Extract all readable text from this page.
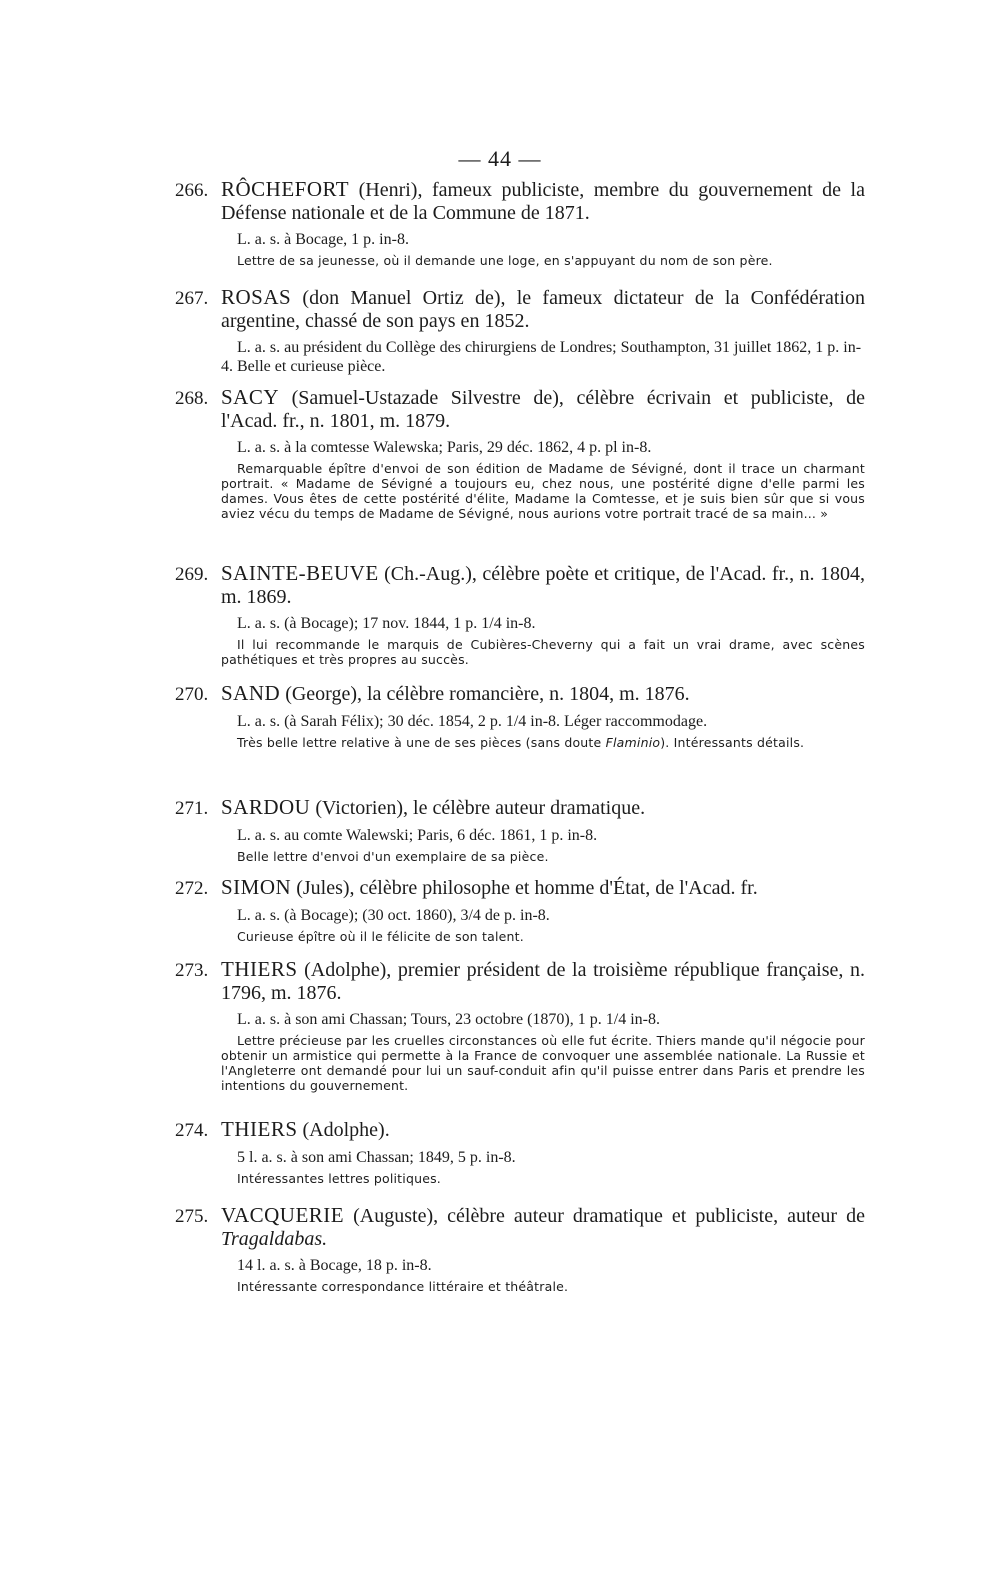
— 44 —
266. RÔCHEFORT (Henri), fameux publiciste, membre du gouvernement de la Défense nationale et de la Commune de 1871.
L. a. s. à Bocage, 1 p. in-8.
Lettre de sa jeunesse, où il demande une loge, en s'appuyant du nom de son père.
267. ROSAS (don Manuel Ortiz de), le fameux dictateur de la Confédération argentine, chassé de son pays en 1852.
L. a. s. au président du Collège des chirurgiens de Londres; Southampton, 31 juillet 1862, 1 p. in-4. Belle et curieuse pièce.
268. SACY (Samuel-Ustazade Silvestre de), célèbre écrivain et publiciste, de l'Acad. fr., n. 1801, m. 1879.
L. a. s. à la comtesse Walewska; Paris, 29 déc. 1862, 4 p. pl in-8.
Remarquable épître d'envoi de son édition de Madame de Sévigné, dont il trace un charmant portrait. « Madame de Sévigné a toujours eu, chez nous, une postérité digne d'elle parmi les dames. Vous êtes de cette postérité d'élite, Madame la Comtesse, et je suis bien sûr que si vous aviez vécu du temps de Madame de Sévigné, nous aurions votre portrait tracé de sa main... »
269. SAINTE-BEUVE (Ch.-Aug.), célèbre poète et critique, de l'Acad. fr., n. 1804, m. 1869.
L. a. s. (à Bocage); 17 nov. 1844, 1 p. 1/4 in-8.
Il lui recommande le marquis de Cubières-Cheverny qui a fait un vrai drame, avec scènes pathétiques et très propres au succès.
270. SAND (George), la célèbre romancière, n. 1804, m. 1876.
L. a. s. (à Sarah Félix); 30 déc. 1854, 2 p. 1/4 in-8. Léger raccommodage.
Très belle lettre relative à une de ses pièces (sans doute Flaminio). Intéressants détails.
271. SARDOU (Victorien), le célèbre auteur dramatique.
L. a. s. au comte Walewski; Paris, 6 déc. 1861, 1 p. in-8.
Belle lettre d'envoi d'un exemplaire de sa pièce.
272. SIMON (Jules), célèbre philosophe et homme d'État, de l'Acad. fr.
L. a. s. (à Bocage); (30 oct. 1860), 3/4 de p. in-8.
Curieuse épître où il le félicite de son talent.
273. THIERS (Adolphe), premier président de la troisième république française, n. 1796, m. 1876.
L. a. s. à son ami Chassan; Tours, 23 octobre (1870), 1 p. 1/4 in-8.
Lettre précieuse par les cruelles circonstances où elle fut écrite. Thiers mande qu'il négocie pour obtenir un armistice qui permette à la France de convoquer une assemblée nationale. La Russie et l'Angleterre ont demandé pour lui un sauf-conduit afin qu'il puisse entrer dans Paris et prendre les intentions du gouvernement.
274. THIERS (Adolphe).
5 l. a. s. à son ami Chassan; 1849, 5 p. in-8.
Intéressantes lettres politiques.
275. VACQUERIE (Auguste), célèbre auteur dramatique et publiciste, auteur de Tragaldabas.
14 l. a. s. à Bocage, 18 p. in-8.
Intéressante correspondance littéraire et théâtrale.
